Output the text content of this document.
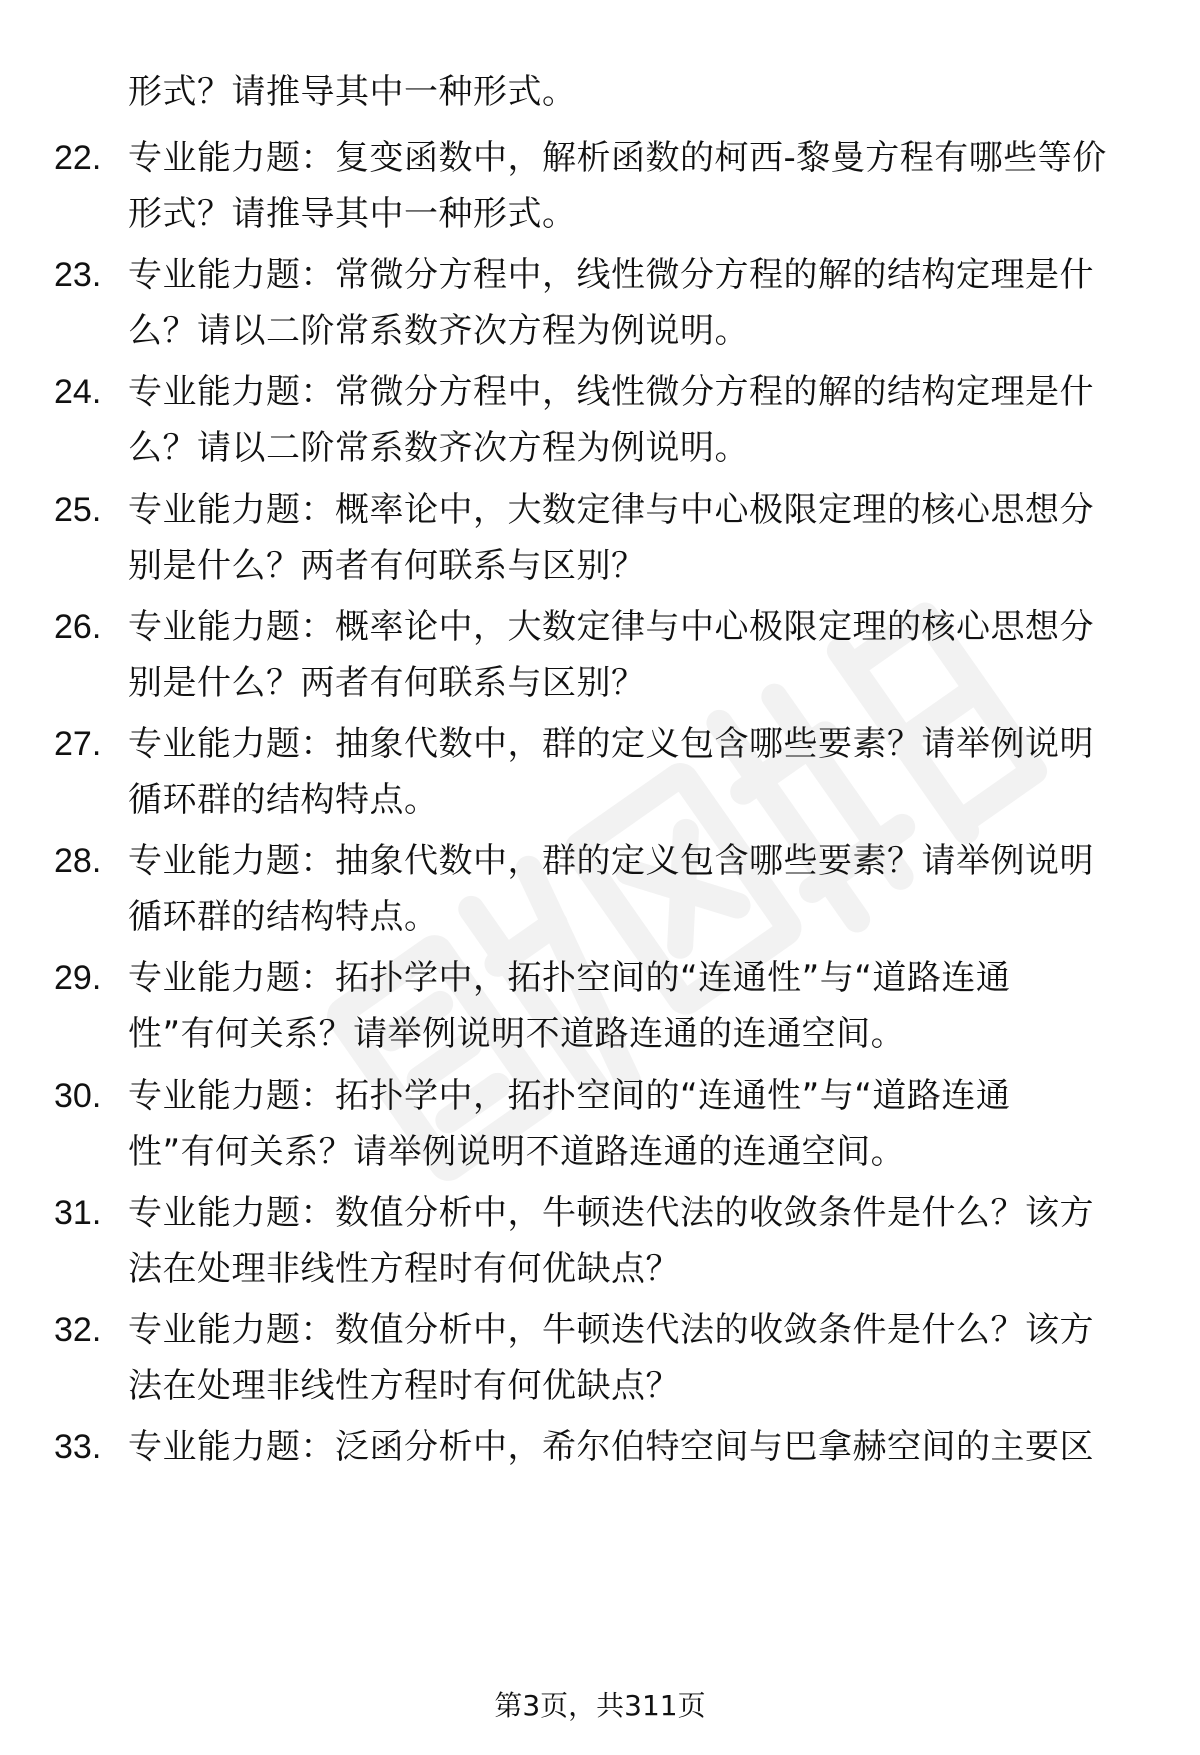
形式？请推导其中一种形式。
22. 专业能力题：复变函数中，解析函数的柯西-黎曼方程有哪些等价
形式？请推导其中一种形式。
23. 专业能力题：常微分方程中，线性微分方程的解的结构定理是什
么？请以二阶常系数齐次方程为例说明。
24. 专业能力题：常微分方程中，线性微分方程的解的结构定理是什
么？请以二阶常系数齐次方程为例说明。
25. 专业能力题：概率论中，大数定律与中心极限定理的核心思想分
别是什么？两者有何联系与区别？
26. 专业能力题：概率论中，大数定律与中心极限定理的核心思想分
别是什么？两者有何联系与区别？
27. 专业能力题：抽象代数中，群的定义包含哪些要素？请举例说明
循环群的结构特点。
28. 专业能力题：抽象代数中，群的定义包含哪些要素？请举例说明
循环群的结构特点。
29. 专业能力题：拓扑学中，拓扑空间的“连通性”与“道路连通
性”有何关系？请举例说明不道路连通的连通空间。
30. 专业能力题：拓扑学中，拓扑空间的“连通性”与“道路连通
性”有何关系？请举例说明不道路连通的连通空间。
31. 专业能力题：数值分析中，牛顿迭代法的收敛条件是什么？该方
法在处理非线性方程时有何优缺点？
32. 专业能力题：数值分析中，牛顿迭代法的收敛条件是什么？该方
法在处理非线性方程时有何优缺点？
33. 专业能力题：泛函分析中，希尔伯特空间与巴拿赫空间的主要区
第3页，共311页
